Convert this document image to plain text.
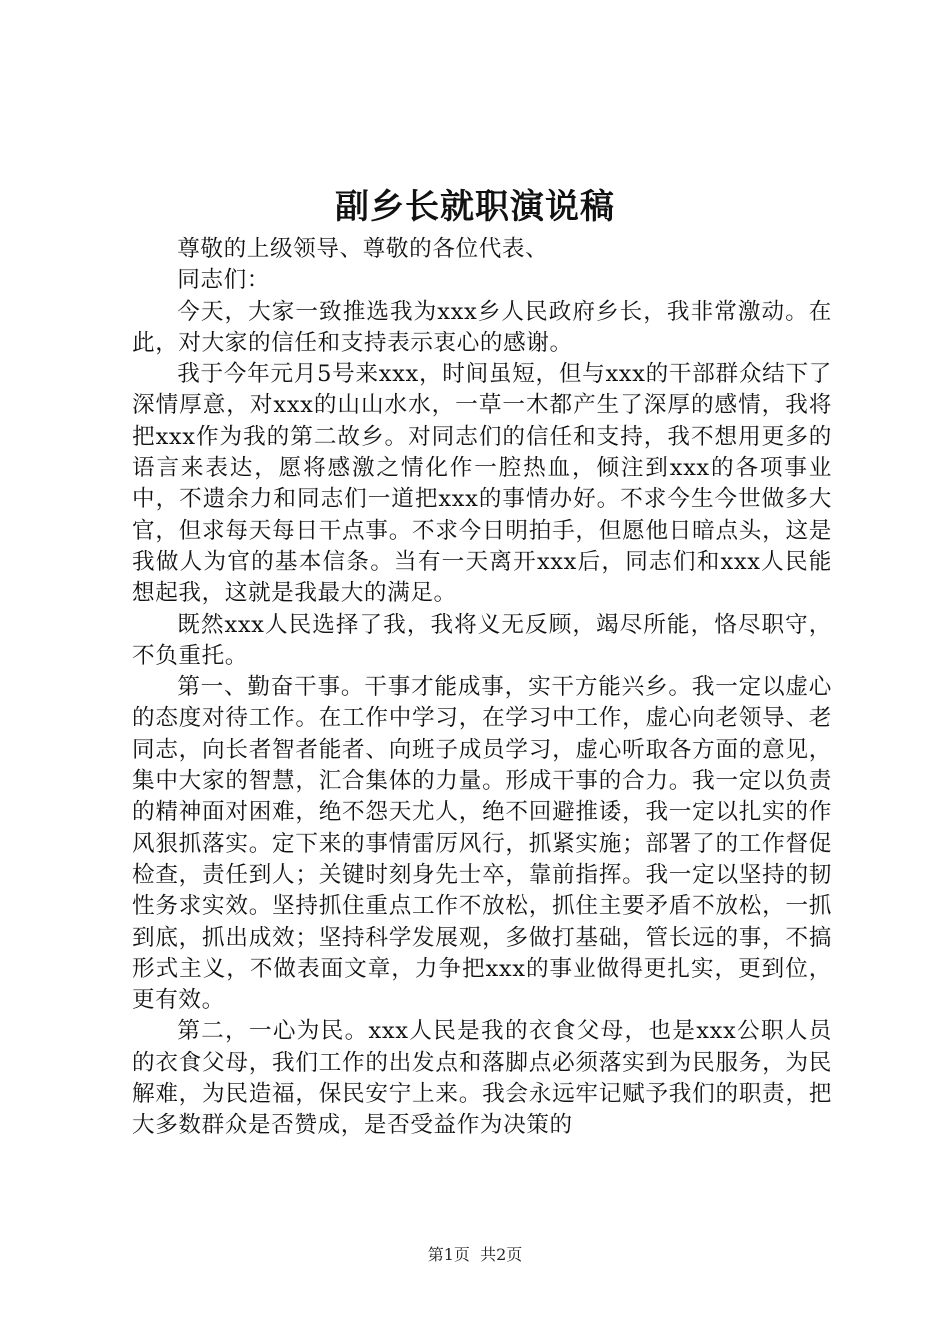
副乡长就职演说稿

尊敬的上级领导、尊敬的各位代表、

同志们：

今天，大家一致推选我为xxx乡人民政府乡长，我非常激动。在此，对大家的信任和支持表示衷心的感谢。

我于今年元月5号来xxx，时间虽短，但与xxx的干部群众结下了深情厚意，对xxx的山山水水，一草一木都产生了深厚的感情，我将把xxx作为我的第二故乡。对同志们的信任和支持，我不想用更多的语言来表达，愿将感激之情化作一腔热血，倾注到xxx的各项事业中，不遗余力和同志们一道把xxx的事情办好。不求今生今世做多大官，但求每天每日干点事。不求今日明拍手，但愿他日暗点头，这是我做人为官的基本信条。当有一天离开xxx后，同志们和xxx人民能想起我，这就是我最大的满足。

既然xxx人民选择了我，我将义无反顾，竭尽所能，恪尽职守，不负重托。

第一、勤奋干事。干事才能成事，实干方能兴乡。我一定以虚心的态度对待工作。在工作中学习，在学习中工作，虚心向老领导、老同志，向长者智者能者、向班子成员学习，虚心听取各方面的意见，集中大家的智慧，汇合集体的力量。形成干事的合力。我一定以负责的精神面对困难，绝不怨天尤人，绝不回避推诿，我一定以扎实的作风狠抓落实。定下来的事情雷厉风行，抓紧实施；部署了的工作督促检查，责任到人；关键时刻身先士卒，靠前指挥。我一定以坚持的韧性务求实效。坚持抓住重点工作不放松，抓住主要矛盾不放松，一抓到底，抓出成效；坚持科学发展观，多做打基础，管长远的事，不搞形式主义，不做表面文章，力争把xxx的事业做得更扎实，更到位，更有效。

第二，一心为民。xxx人民是我的衣食父母，也是xxx公职人员的衣食父母，我们工作的出发点和落脚点必须落实到为民服务，为民解难，为民造福，保民安宁上来。我会永远牢记赋予我们的职责，把大多数群众是否赞成，是否受益作为决策的

第1页 共2页
